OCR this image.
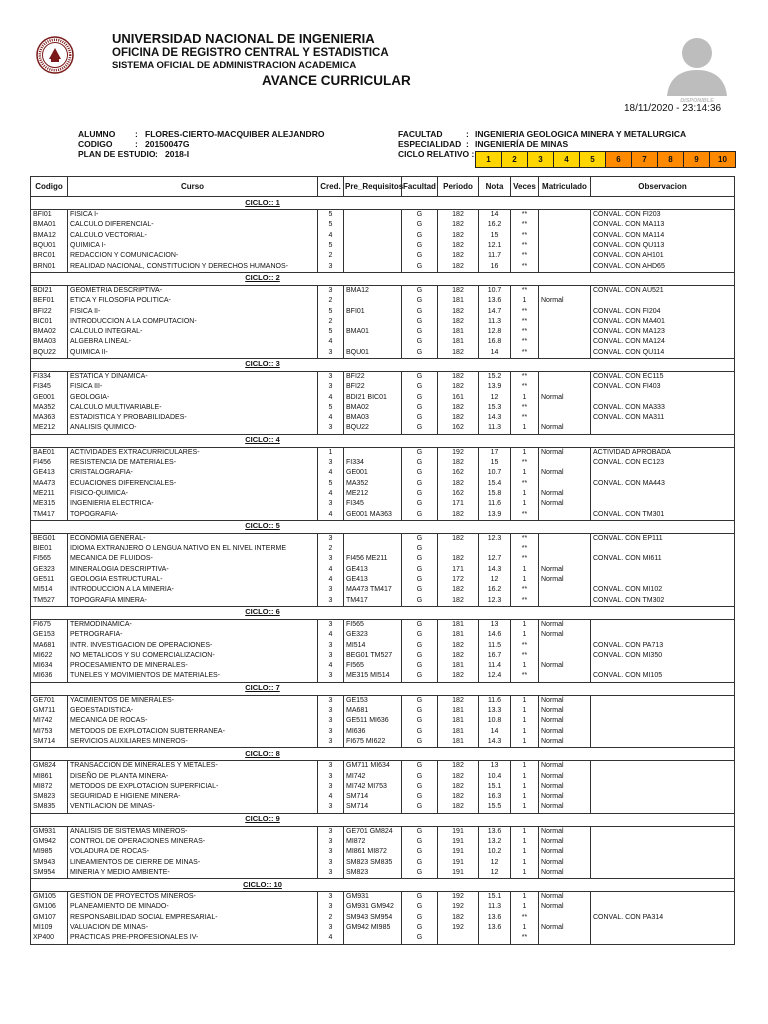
UNIVERSIDAD NACIONAL DE INGENIERIA
OFICINA DE REGISTRO CENTRAL Y ESTADISTICA
SISTEMA OFICIAL DE ADMINISTRACION ACADEMICA
AVANCE CURRICULAR
FOTOGRAFIA NO DISPONIBLE
18/11/2020 - 23:14:36
ALUMNO : FLORES-CIERTO-MACQUIBER ALEJANDRO
CODIGO	: 20150047G
PLAN DE ESTUDIO : 2018-I
FACULTAD	: INGENIERIA GEOLOGICA MINERA Y METALURGICA
ESPECIALIDAD : INGENIERÍA DE MINAS
CICLO RELATIVO :
1	2	3	4	5	6	7	8	9	10
Codigo	Curso	Cred.	Pre_Requisitos	Facultad	Periodo	Nota	Veces	Matriculado	Observacion
CICLO:: 1									
BFI01	FISICA I-	5		G	182	14	**		CONVAL. CON FI203
BMA01	CALCULO DIFERENCIAL-	5		G	182	16.2	**		CONVAL. CON MA113
BMA12	CALCULO VECTORIAL-	4		G	182	15	**		CONVAL. CON MA114
BQU01	QUIMICA I-	5		G	182	12.1	**		CONVAL. CON QU113
BRC01	REDACCION Y COMUNICACION-	2		G	182	11.7	**		CONVAL. CON AH101
BRN01	REALIDAD NACIONAL, CONSTITUCION Y DERECHOS HUMANOS-	3		G	182	16	**		CONVAL. CON AHD65
CICLO:: 2									
BDI21	GEOMETRIA DESCRIPTIVA-	3	BMA12	G	182	10.7	**		CONVAL. CON AU521
BEF01	ETICA Y FILOSOFIA POLITICA-	2		G	181	13.6	1	Normal	
BFI22	FISICA II-	5	BFI01	G	182	14.7	**		CONVAL. CON FI204
BIC01	INTRODUCCION A LA COMPUTACION-	2		G	182	11.3	**		CONVAL. CON MA401
BMA02	CALCULO INTEGRAL-	5	BMA01	G	181	12.8	**		CONVAL. CON MA123
BMA03	ALGEBRA LINEAL-	4		G	181	16.8	**		CONVAL. CON MA124
BQU22	QUIMICA II-	3	BQU01	G	182	14	**		CONVAL. CON QU114
CICLO:: 3									
FI334	ESTATICA Y DINAMICA-	3	BFI22	G	182	15.2	**		CONVAL. CON EC115
FI345	FISICA III-	3	BFI22	G	182	13.9	**		CONVAL. CON FI403
GE001	GEOLOGIA-	4	BDI21 BIC01	G	161	12	1	Normal	
MA352	CALCULO MULTIVARIABLE-	5	BMA02	G	182	15.3	**		CONVAL. CON MA333
MA363	ESTADISTICA Y PROBABILIDADES-	4	BMA03	G	182	14.3	**		CONVAL. CON MA311
ME212	ANALISIS QUIMICO-	3	BQU22	G	162	11.3	1	Normal	
CICLO:: 4									
BAE01	ACTIVIDADES EXTRACURRICULARES-	1		G	192	17	1	Normal	ACTIVIDAD APROBADA
FI456	RESISTENCIA DE MATERIALES-	3	FI334	G	182	15	**		CONVAL. CON EC123
GE413	CRISTALOGRAFIA-	4	GE001	G	162	10.7	1	Normal	
MA473	ECUACIONES DIFERENCIALES-	5	MA352	G	182	15.4	**		CONVAL. CON MA443
ME211	FISICO-QUIMICA-	4	ME212	G	162	15.8	1	Normal	
ME315	INGENIERIA ELECTRICA-	3	FI345	G	171	11.6	1	Normal	
TM417	TOPOGRAFIA-	4	GE001 MA363	G	182	13.9	**		CONVAL. CON TM301
CICLO:: 5									
BEG01	ECONOMIA GENERAL-	3		G	182	12.3	**		CONVAL. CON EP111
BIE01	IDIOMA EXTRANJERO O LENGUA NATIVO EN EL NIVEL INTERME	2		G			**		
FI565	MECANICA DE FLUIDOS-	3	FI456 ME211	G	182	12.7	**		CONVAL. CON MI611
GE323	MINERALOGIA DESCRIPTIVA-	4	GE413	G	171	14.3	1	Normal	
GE511	GEOLOGIA ESTRUCTURAL-	4	GE413	G	172	12	1	Normal	
MI514	INTRODUCCION A LA MINERIA-	3	MA473 TM417	G	182	16.2	**		CONVAL. CON MI102
TM527	TOPOGRAFIA MINERA-	3	TM417	G	182	12.3	**		CONVAL. CON TM302
CICLO:: 6									
FI675	TERMODINAMICA-	3	FI565	G	181	13	1	Normal	
GE153	PETROGRAFIA-	4	GE323	G	181	14.6	1	Normal	
MA681	INTR. INVESTIGACION DE OPERACIONES-	3	MI514	G	182	11.5	**		CONVAL. CON PA713
MI622	NO METALICOS Y SU COMERCIALIZACION-	3	BEG01 TM527	G	182	16.7	**		CONVAL. CON MI350
MI634	PROCESAMIENTO DE MINERALES-	4	FI565	G	181	11.4	1	Normal	
MI636	TUNELES Y MOVIMIENTOS DE MATERIALES-	3	ME315 MI514	G	182	12.4	**		CONVAL. CON MI105
CICLO:: 7									
GE701	YACIMIENTOS DE MINERALES-	3	GE153	G	182	11.6	1	Normal	
GM711	GEOESTADISTICA-	3	MA681	G	181	13.3	1	Normal	
MI742	MECANICA DE ROCAS-	3	GE511 MI636	G	181	10.8	1	Normal	
MI753	METODOS DE EXPLOTACION SUBTERRANEA-	3	MI636	G	181	14	1	Normal	
SM714	SERVICIOS AUXILIARES MINEROS-	3	FI675 MI622	G	181	14.3	1	Normal	
CICLO:: 8									
GM824	TRANSACCION DE MINERALES Y METALES-	3	GM711 MI634	G	182	13	1	Normal	
MI861	DISEÑO DE PLANTA MINERA-	3	MI742	G	182	10.4	1	Normal	
MI872	METODOS DE EXPLOTACION SUPERFICIAL-	3	MI742 MI753	G	182	15.1	1	Normal	
SM823	SEGURIDAD E HIGIENE MINERA-	4	SM714	G	182	16.3	1	Normal	
SM835	VENTILACION DE MINAS-	3	SM714	G	182	15.5	1	Normal	
CICLO:: 9									
GM931	ANALISIS DE SISTEMAS MINEROS-	3	GE701 GM824	G	191	13.6	1	Normal	
GM942	CONTROL DE OPERACIONES MINERAS-	3	MI872	G	191	13.2	1	Normal	
MI985	VOLADURA DE ROCAS-	3	MI861 MI872	G	191	10.2	1	Normal	
SM943	LINEAMIENTOS DE CIERRE DE MINAS-	3	SM823 SM835	G	191	12	1	Normal	
SM954	MINERIA Y MEDIO AMBIENTE-	3	SM823	G	191	12	1	Normal	
CICLO:: 10									
GM105	GESTION DE PROYECTOS MINEROS-	3	GM931	G	192	15.1	1	Normal	
GM106	PLANEAMIENTO DE MINADO-	3	GM931 GM942	G	192	11.3	1	Normal	
GM107	RESPONSABILIDAD SOCIAL EMPRESARIAL-	2	SM943 SM954	G	182	13.6	**		CONVAL. CON PA314
MI109	VALUACION DE MINAS-	3	GM942 MI985	G	192	13.6	1	Normal	
XP400	PRACTICAS PRE-PROFESIONALES IV-	4		G			**		
